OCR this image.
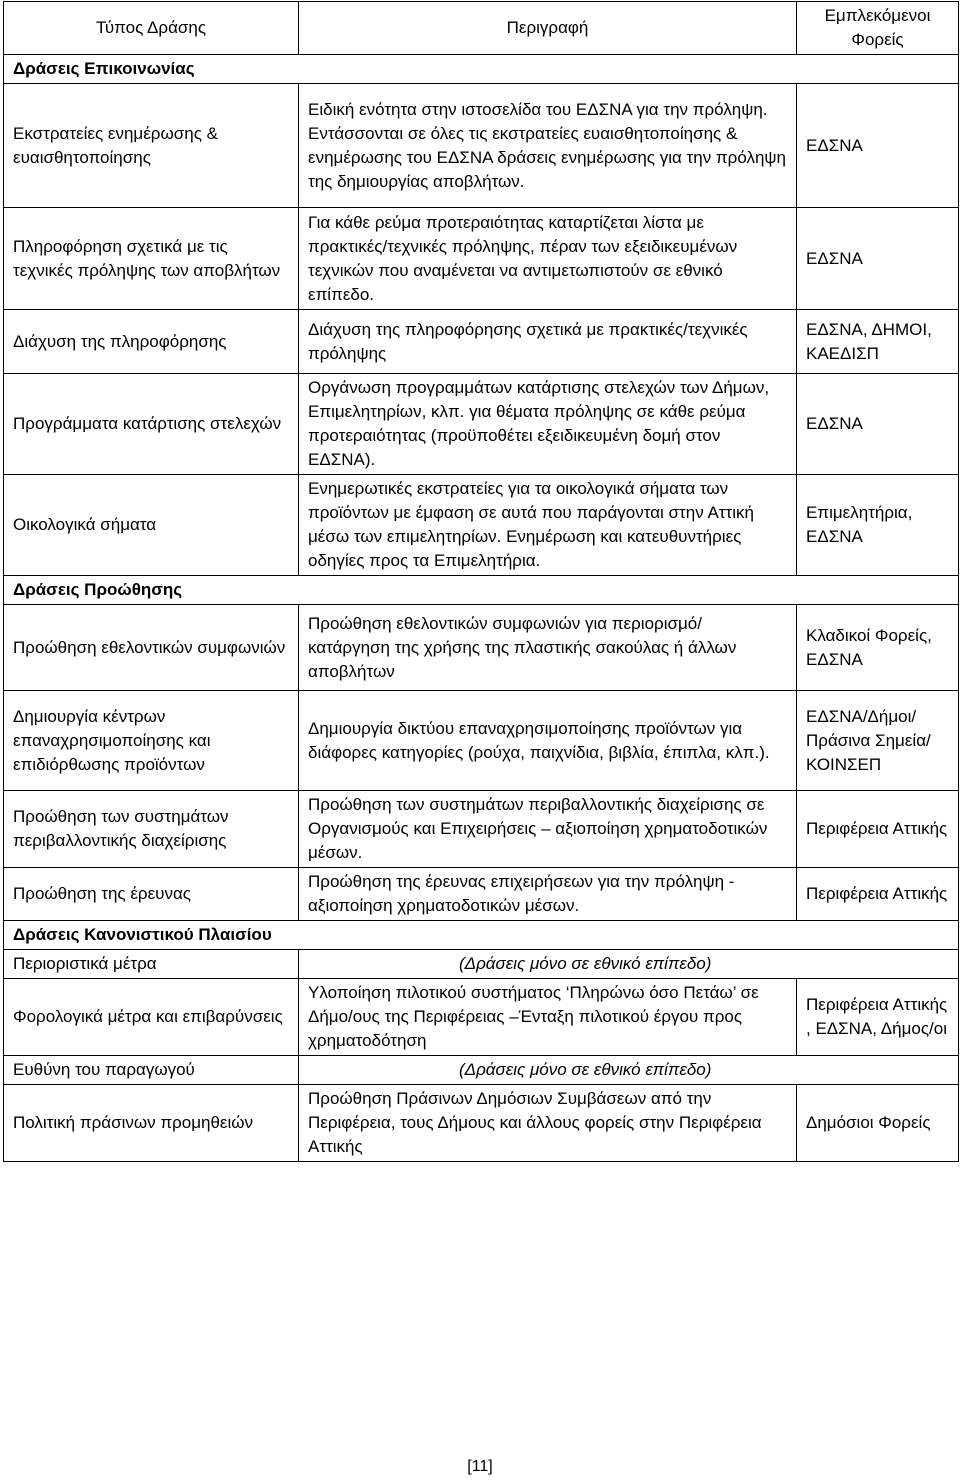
Τύπος Δράσης	Περιγραφή	Εμπλεκόμενοι Φορείς
Δράσεις Επικοινωνίας		
Εκστρατείες ενημέρωσης & ευαισθητοποίησης	Ειδική ενότητα στην ιστοσελίδα του ΕΔΣΝΑ για την πρόληψη. Εντάσσονται σε όλες τις εκστρατείες ευαισθητοποίησης & ενημέρωσης του ΕΔΣΝΑ δράσεις ενημέρωσης για την πρόληψη της δημιουργίας αποβλήτων.	ΕΔΣΝΑ
Πληροφόρηση σχετικά με τις τεχνικές πρόληψης των αποβλήτων	Για κάθε ρεύμα προτεραιότητας καταρτίζεται λίστα με πρακτικές/τεχνικές πρόληψης, πέραν των εξειδικευμένων τεχνικών που αναμένεται να αντιμετωπιστούν σε εθνικό επίπεδο.	ΕΔΣΝΑ
Διάχυση της πληροφόρησης	Διάχυση της πληροφόρησης σχετικά με πρακτικές/τεχνικές πρόληψης	ΕΔΣΝΑ, ΔΗΜΟΙ, ΚΑΕΔΙΣΠ
Προγράμματα κατάρτισης στελεχών	Οργάνωση προγραμμάτων κατάρτισης στελεχών των Δήμων, Επιμελητηρίων, κλπ. για θέματα πρόληψης σε κάθε ρεύμα προτεραιότητας (προϋποθέτει εξειδικευμένη δομή στον ΕΔΣΝΑ).	ΕΔΣΝΑ
Οικολογικά σήματα	Ενημερωτικές εκστρατείες για τα οικολογικά σήματα των προϊόντων με έμφαση σε αυτά που παράγονται στην Αττική μέσω των επιμελητηρίων. Ενημέρωση και κατευθυντήριες οδηγίες προς τα Επιμελητήρια.	Επιμελητήρια, ΕΔΣΝΑ
Δράσεις Προώθησης		
Προώθηση εθελοντικών συμφωνιών	Προώθηση εθελοντικών συμφωνιών για περιορισμό/ κατάργηση της χρήσης της πλαστικής σακούλας ή άλλων αποβλήτων	Κλαδικοί Φορείς, ΕΔΣΝΑ
Δημιουργία κέντρων επαναχρησιμοποίησης και επιδιόρθωσης προϊόντων	Δημιουργία δικτύου επαναχρησιμοποίησης προϊόντων για διάφορες κατηγορίες (ρούχα, παιχνίδια, βιβλία, έπιπλα, κλπ.).	ΕΔΣΝΑ/Δήμοι/ Πράσινα Σημεία/ΚΟΙΝΣΕΠ
Προώθηση των συστημάτων περιβαλλοντικής διαχείρισης	Προώθηση των συστημάτων περιβαλλοντικής διαχείρισης σε Οργανισμούς και Επιχειρήσεις – αξιοποίηση χρηματοδοτικών μέσων.	Περιφέρεια Αττικής
Προώθηση της έρευνας	Προώθηση της έρευνας επιχειρήσεων για την πρόληψη - αξιοποίηση χρηματοδοτικών μέσων.	Περιφέρεια Αττικής
Δράσεις Κανονιστικού Πλαισίου		
Περιοριστικά μέτρα	(Δράσεις μόνο σε εθνικό επίπεδο)	
Φορολογικά μέτρα και επιβαρύνσεις	Υλοποίηση πιλοτικού συστήματος ‘Πληρώνω όσο Πετάω’ σε Δήμο/ους της Περιφέρειας –Ένταξη πιλοτικού έργου προς χρηματοδότηση	Περιφέρεια Αττικής , ΕΔΣΝΑ, Δήμος/οι
Ευθύνη του παραγωγού	(Δράσεις μόνο σε εθνικό επίπεδο)	
Πολιτική πράσινων προμηθειών	Προώθηση Πράσινων Δημόσιων Συμβάσεων από την Περιφέρεια, τους Δήμους και άλλους φορείς στην Περιφέρεια Αττικής	Δημόσιοι Φορείς
[11]
